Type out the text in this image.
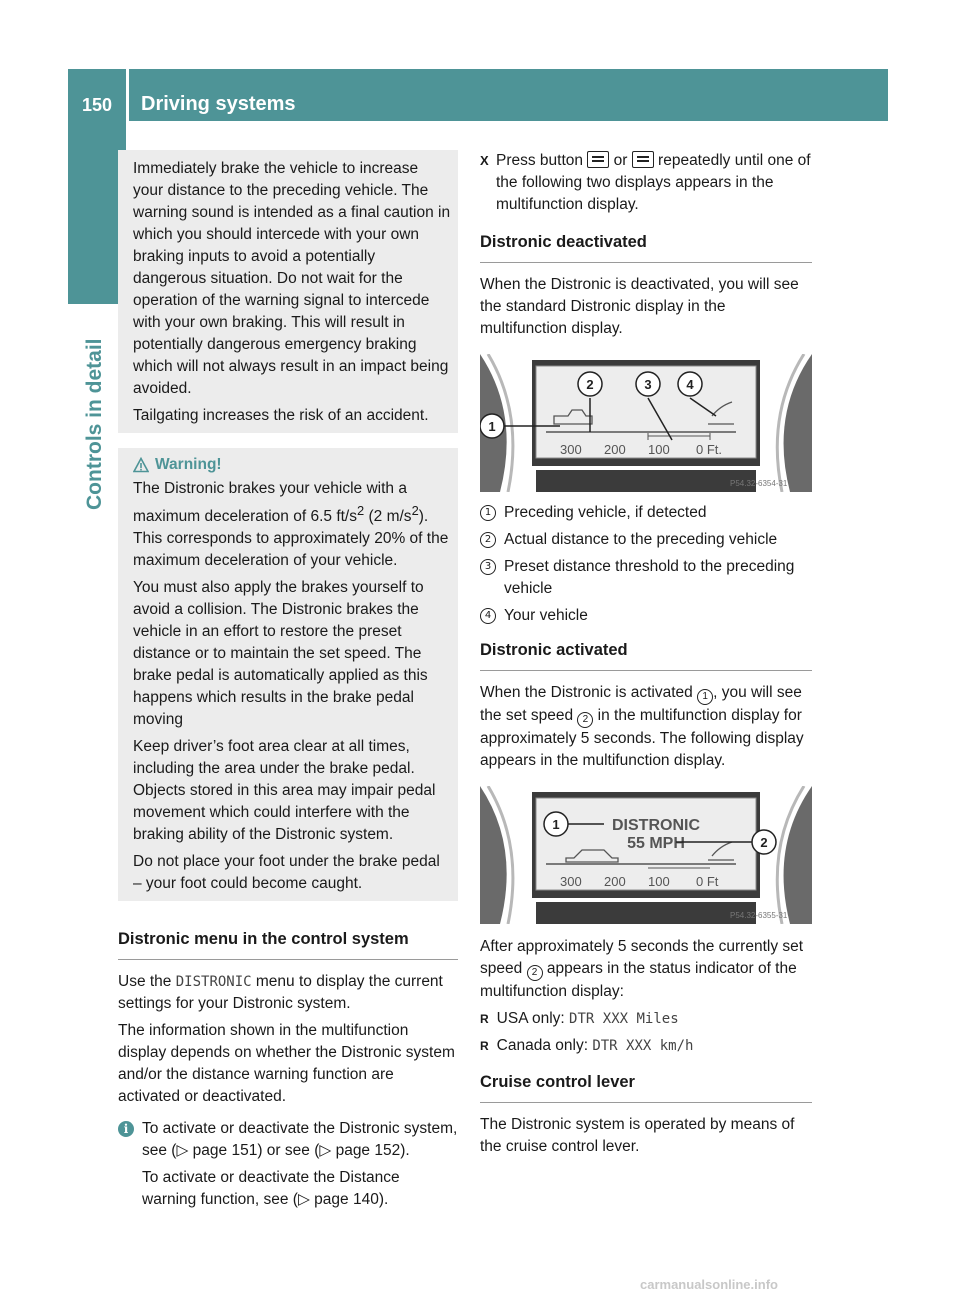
150	Driving systems
Controls in detail

Immediately brake the vehicle to increase your distance to the preceding vehicle. The warning sound is intended as a final caution in which you should intercede with your own braking inputs to avoid a potentially dangerous situation. Do not wait for the operation of the warning signal to intercede with your own braking. This will result in potentially dangerous emergency braking which will not always result in an impact being avoided.

Tailgating increases the risk of an accident.

Warning!

The Distronic brakes your vehicle with a maximum deceleration of 6.5 $ft/s^2$ (2 $m/s^2$). This corresponds to approximately 20% of the maximum deceleration of your vehicle.

You must also apply the brakes yourself to avoid a collision. The Distronic brakes the vehicle in an effort to restore the preset distance or to maintain the set speed. The brake pedal is automatically applied as this happens which results in the brake pedal moving

Keep driver’s foot area clear at all times, including the area under the brake pedal. Objects stored in this area may impair pedal movement which could interfere with the braking ability of the Distronic system.

Do not place your foot under the brake pedal – your foot could become caught.

Distronic menu in the control system

Use the DISTRONIC menu to display the current settings for your Distronic system.

The information shown in the multifunction display depends on whether the Distronic system and/or the distance warning function are activated or deactivated.

i To activate or deactivate the Distronic system, see (▷ page 151) or see (▷ page 152).

To activate or deactivate the Distance warning function, see (▷ page 140).

X Press button  or  repeatedly until one of the following two displays appears in the multifunction display.

Distronic deactivated

When the Distronic is deactivated, you will see the standard Distronic display in the multifunction display.

300 200 100 0 Ft.
1
2	3	4
P54.32-6354-31
1 Preceding vehicle, if detected
2 Actual distance to the preceding vehicle
3 Preset distance threshold to the preceding vehicle
4 Your vehicle
Distronic activated

When the Distronic is activated 1 , you will see the set speed 2 in the multifunction display for approximately 5 seconds. The following display appears in the multifunction display.

DISTRONIC
55 MPH
300 200 100 0 Ft
1
2
P54.32-6355-31

After approximately 5 seconds the currently set speed 2 appears in the status indicator of the multifunction display:

R USA only: DTR XXX Miles
R Canada only: DTR XXX km/h
Cruise control lever

The Distronic system is operated by means of the cruise control lever.

carmanualsonline.info
